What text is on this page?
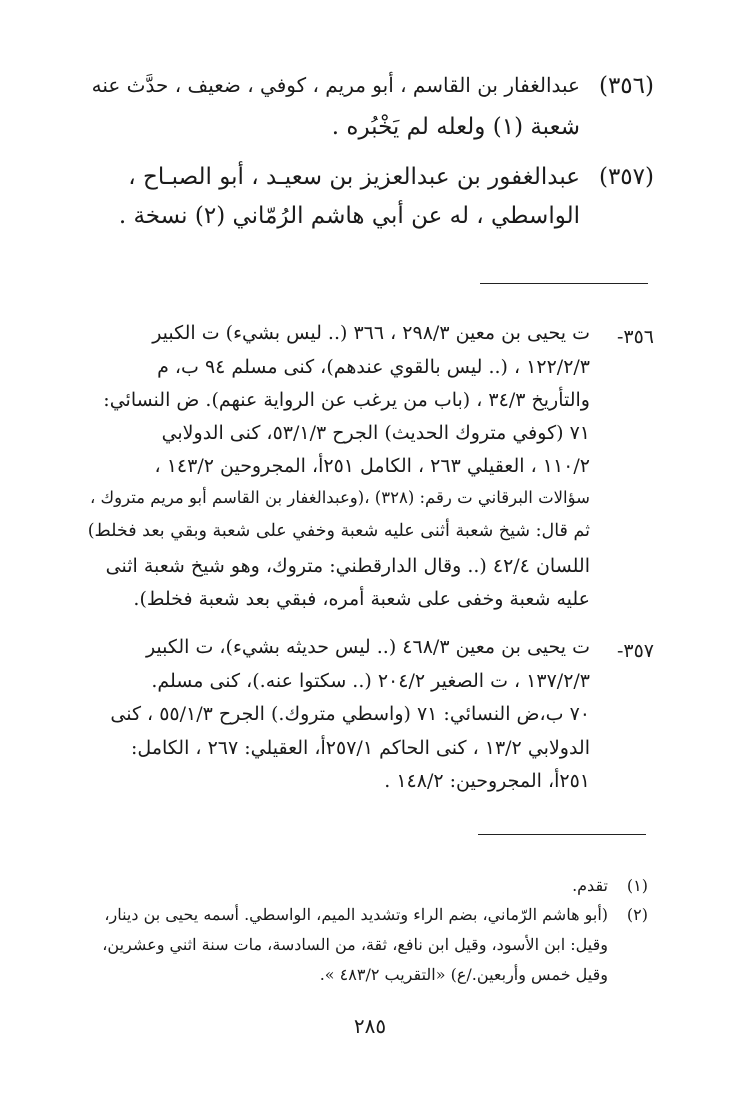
(٣٥٦)
عبدالغفار بن القاسم ، أبو مريم ، كوفي ، ضعيف ، حدَّث عنه
شعبة (١) ولعله لم يَخْبُره .
(٣٥٧)
عبدالغفور بن عبدالعزيز بن سعيـد ، أبو الصبـاح ،
الواسطي ، له عن أبي هاشم الرُمّاني (٢) نسخة .
٣٥٦-
ت يحيى بن معين ٢٩٨/٣ ، ٣٦٦ (.. ليس بشيء) ت الكبير
١٢٢/٢/٣ ، (.. ليس بالقوي عندهم)، كنى مسلم ٩٤ ب، م
والتأريخ ٣٤/٣ ، (باب من يرغب عن الرواية عنهم). ض النسائي:
٧١ (كوفي متروك الحديث) الجرح ٥٣/١/٣، كنى الدولابي
١١٠/٢ ، العقيلي ٢٦٣ ، الكامل ٢٥١أ، المجروحين ١٤٣/٢ ،
سؤالات البرقاني ت رقم: (٣٢٨) ،(وعبدالغفار بن القاسم أبو مريم متروك ،
ثم قال: شيخ شعبة أثنى عليه شعبة وخفي على شعبة وبقي بعد فخلط)
اللسان ٤٢/٤ (.. وقال الدارقطني: متروك، وهو شيخ شعبة اثنى
عليه شعبة وخفى على شعبة أمره، فبقي بعد شعبة فخلط).
٣٥٧-
ت يحيى بن معين ٤٦٨/٣ (.. ليس حديثه بشيء)، ت الكبير
١٣٧/٢/٣ ، ت الصغير ٢٠٤/٢ (.. سكتوا عنه.)، كنى مسلم.
٧٠ ب،ض النسائي: ٧١ (واسطي متروك.) الجرح ٥٥/١/٣ ، كنى
الدولابي ١٣/٢ ، كنى الحاكم ٢٥٧/١أ، العقيلي: ٢٦٧ ، الكامل:
٢٥١أ، المجروحين: ١٤٨/٢ .
(١)
تقدم.
(٢)
(أبو هاشم الرّماني، بضم الراء وتشديد الميم، الواسطي. أسمه يحيى بن دينار،
وقيل: ابن الأسود، وقيل ابن نافع، ثقة، من السادسة، مات سنة اثني وعشرين،
وقيل خمس وأربعين./ع) «التقريب ٤٨٣/٢ ».
٢٨٥
